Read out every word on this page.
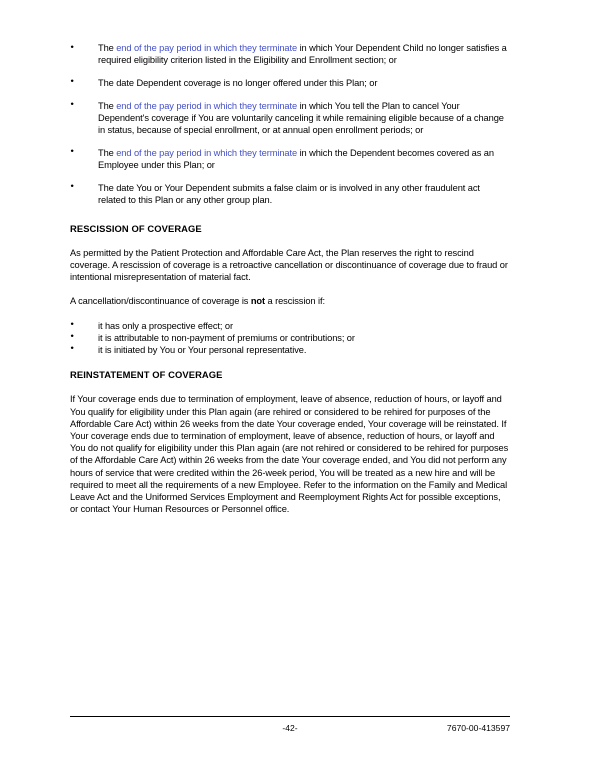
• The end of the pay period in which they terminate in which Your Dependent Child no longer satisfies a required eligibility criterion listed in the Eligibility and Enrollment section; or
• The date Dependent coverage is no longer offered under this Plan; or
• The end of the pay period in which they terminate in which You tell the Plan to cancel Your Dependent's coverage if You are voluntarily canceling it while remaining eligible because of a change in status, because of special enrollment, or at annual open enrollment periods; or
• The end of the pay period in which they terminate in which the Dependent becomes covered as an Employee under this Plan; or
• The date You or Your Dependent submits a false claim or is involved in any other fraudulent act related to this Plan or any other group plan.
RESCISSION OF COVERAGE

As permitted by the Patient Protection and Affordable Care Act, the Plan reserves the right to rescind coverage. A rescission of coverage is a retroactive cancellation or discontinuance of coverage due to fraud or intentional misrepresentation of material fact.

A cancellation/discontinuance of coverage is not a rescission if:

• it has only a prospective effect; or
• it is attributable to non-payment of premiums or contributions; or
• it is initiated by You or Your personal representative.
REINSTATEMENT OF COVERAGE

If Your coverage ends due to termination of employment, leave of absence, reduction of hours, or layoff and You qualify for eligibility under this Plan again (are rehired or considered to be rehired for purposes of the Affordable Care Act) within 26 weeks from the date Your coverage ended, Your coverage will be reinstated. If Your coverage ends due to termination of employment, leave of absence, reduction of hours, or layoff and You do not qualify for eligibility under this Plan again (are not rehired or considered to be rehired for purposes of the Affordable Care Act) within 26 weeks from the date Your coverage ended, and You did not perform any hours of service that were credited within the 26-week period, You will be treated as a new hire and will be required to meet all the requirements of a new Employee. Refer to the information on the Family and Medical Leave Act and the Uniformed Services Employment and Reemployment Rights Act for possible exceptions, or contact Your Human Resources or Personnel office.

-42-	7670-00-413597
